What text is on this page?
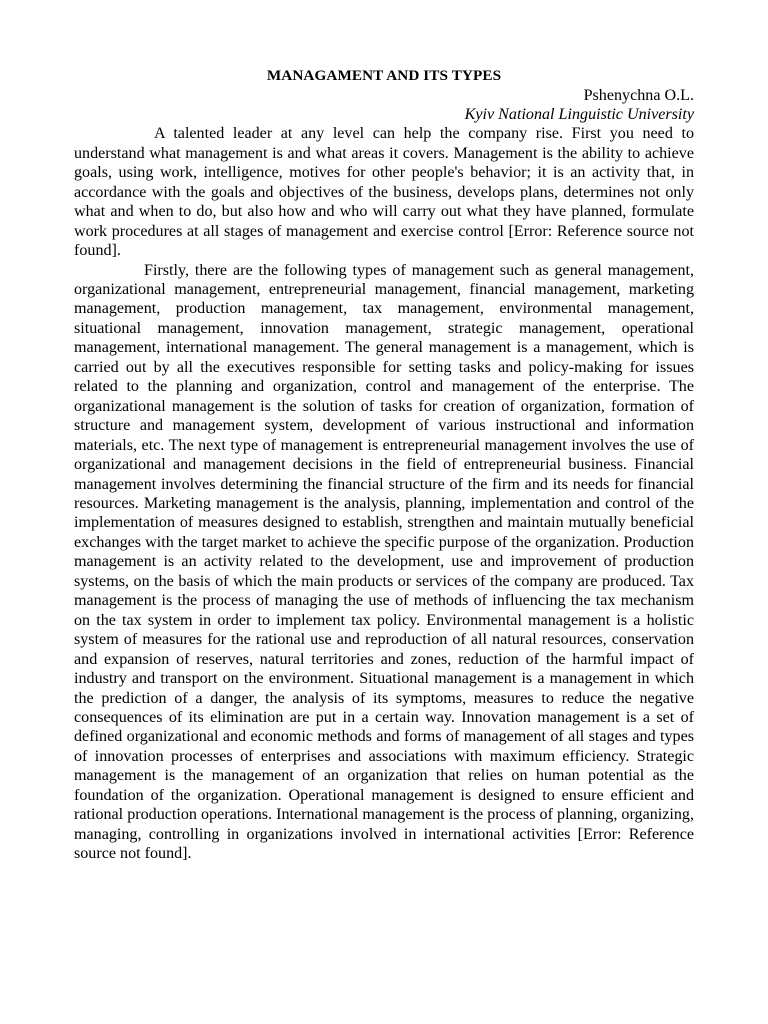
MANAGAMENT AND ITS TYPES

Pshenychna O.L.

Kyiv National Linguistic University

A talented leader at any level can help the company rise. First you need to understand what management is and what areas it covers. Management is the ability to achieve goals, using work, intelligence, motives for other people's behavior; it is an activity that, in accordance with the goals and objectives of the business, develops plans, determines not only what and when to do, but also how and who will carry out what they have planned, formulate work procedures at all stages of management and exercise control [Error: Reference source not found].

Firstly, there are the following types of management such as general management, organizational management, entrepreneurial management, financial management, marketing management, production management, tax management, environmental management, situational management, innovation management, strategic management, operational management, international management. The general management is a management, which is carried out by all the executives responsible for setting tasks and policy-making for issues related to the planning and organization, control and management of the enterprise. The organizational management is the solution of tasks for creation of organization, formation of structure and management system, development of various instructional and information materials, etc. The next type of management is entrepreneurial management involves the use of organizational and management decisions in the field of entrepreneurial business. Financial management involves determining the financial structure of the firm and its needs for financial resources. Marketing management is the analysis, planning, implementation and control of the implementation of measures designed to establish, strengthen and maintain mutually beneficial exchanges with the target market to achieve the specific purpose of the organization. Production management is an activity related to the development, use and improvement of production systems, on the basis of which the main products or services of the company are produced. Tax management is the process of managing the use of methods of influencing the tax mechanism on the tax system in order to implement tax policy. Environmental management is a holistic system of measures for the rational use and reproduction of all natural resources, conservation and expansion of reserves, natural territories and zones, reduction of the harmful impact of industry and transport on the environment. Situational management is a management in which the prediction of a danger, the analysis of its symptoms, measures to reduce the negative consequences of its elimination are put in a certain way. Innovation management is a set of defined organizational and economic methods and forms of management of all stages and types of innovation processes of enterprises and associations with maximum efficiency. Strategic management is the management of an organization that relies on human potential as the foundation of the organization. Operational management is designed to ensure efficient and rational production operations. International management is the process of planning, organizing, managing, controlling in organizations involved in international activities [Error: Reference source not found].
